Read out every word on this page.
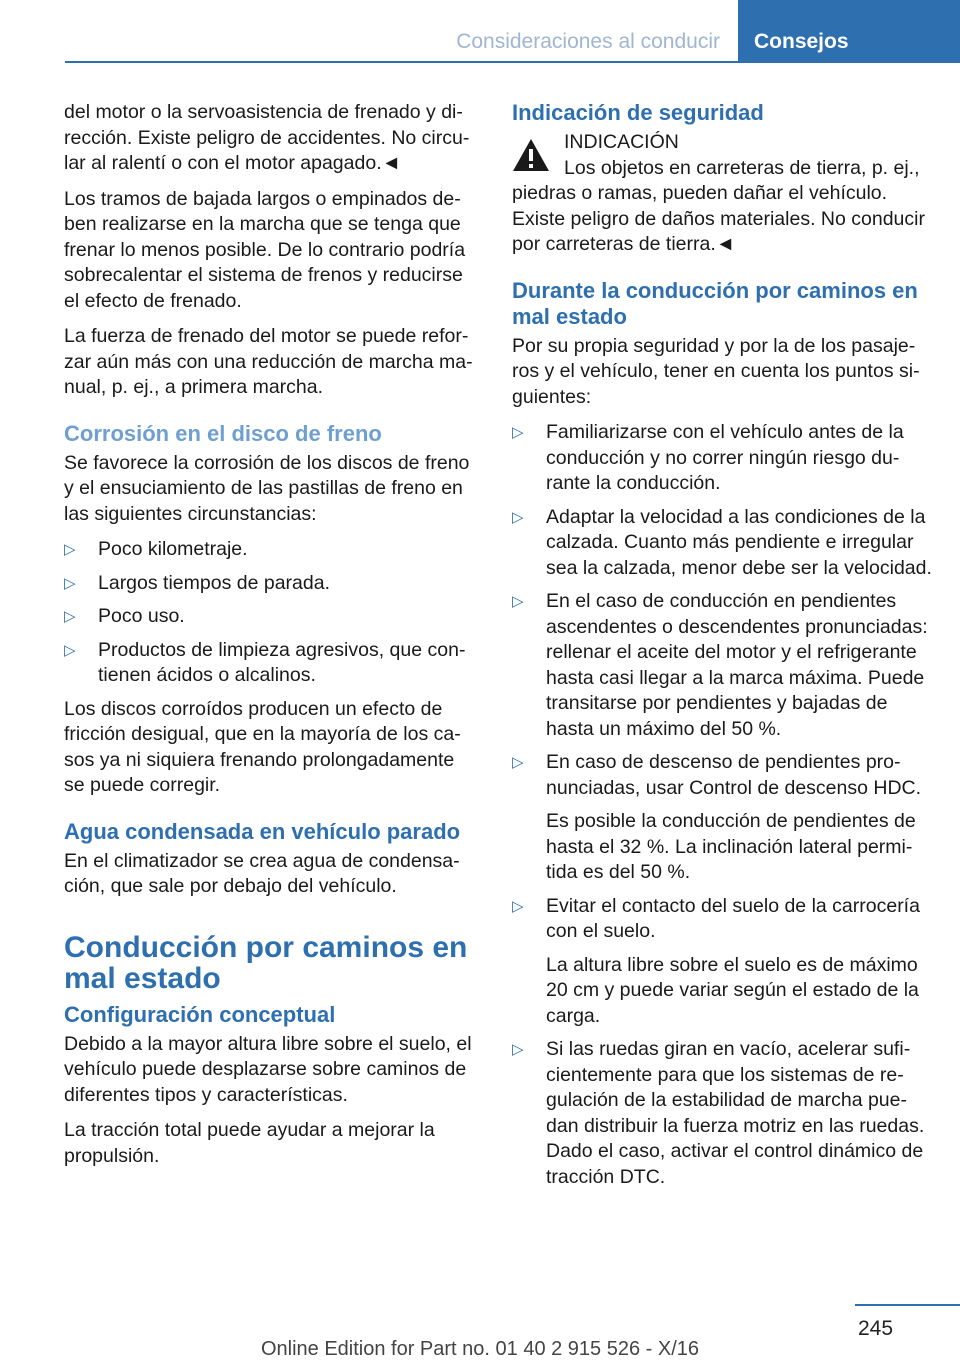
Consideraciones al conducir Consejos

del motor o la servoasistencia de frenado y dirección. Existe peligro de accidentes. No circular al ralentí o con el motor apagado.◄

Los tramos de bajada largos o empinados deben realizarse en la marcha que se tenga que frenar lo menos posible. De lo contrario podría sobrecalentar el sistema de frenos y reducirse el efecto de frenado.

La fuerza de frenado del motor se puede reforzar aún más con una reducción de marcha manual, p. ej., a primera marcha.

Corrosión en el disco de freno

Se favorece la corrosión de los discos de freno y el ensuciamiento de las pastillas de freno en las siguientes circunstancias:

▷	Poco kilometraje.
▷	Largos tiempos de parada.
▷	Poco uso.
▷	Productos de limpieza agresivos, que contienen ácidos o alcalinos.

Los discos corroídos producen un efecto de fricción desigual, que en la mayoría de los casos ya ni siquiera frenando prolongadamente se puede corregir.

Agua condensada en vehículo parado

En el climatizador se crea agua de condensación, que sale por debajo del vehículo.

Conducción por caminos en mal estado
Configuración conceptual

Debido a la mayor altura libre sobre el suelo, el vehículo puede desplazarse sobre caminos de diferentes tipos y características.

La tracción total puede ayudar a mejorar la propulsión.

Indicación de seguridad
INDICACIÓN
Los objetos en carreteras de tierra, p. ej.,
piedras o ramas, pueden dañar el vehículo. Existe peligro de daños materiales. No conducir por carreteras de tierra.◄
Durante la conducción por caminos en mal estado

Por su propia seguridad y por la de los pasajeros y el vehículo, tener en cuenta los puntos siguientes:

▷	Familiarizarse con el vehículo antes de la conducción y no correr ningún riesgo durante la conducción.
▷	Adaptar la velocidad a las condiciones de la calzada. Cuanto más pendiente e irregular sea la calzada, menor debe ser la velocidad.
▷	En el caso de conducción en pendientes ascendentes o descendentes pronunciadas: rellenar el aceite del motor y el refrigerante hasta casi llegar a la marca máxima. Puede transitarse por pendientes y bajadas de hasta un máximo del 50 %.
▷	En caso de descenso de pendientes pronunciadas, usar Control de descenso HDC.
Es posible la conducción de pendientes de hasta el 32 %. La inclinación lateral permitida es del 50 %.
▷	Evitar el contacto del suelo de la carrocería con el suelo.
La altura libre sobre el suelo es de máximo 20 cm y puede variar según el estado de la carga.
▷	Si las ruedas giran en vacío, acelerar suficientemente para que los sistemas de regulación de la estabilidad de marcha puedan distribuir la fuerza motriz en las ruedas. Dado el caso, activar el control dinámico de tracción DTC.
245
Online Edition for Part no. 01 40 2 915 526 - X/16
